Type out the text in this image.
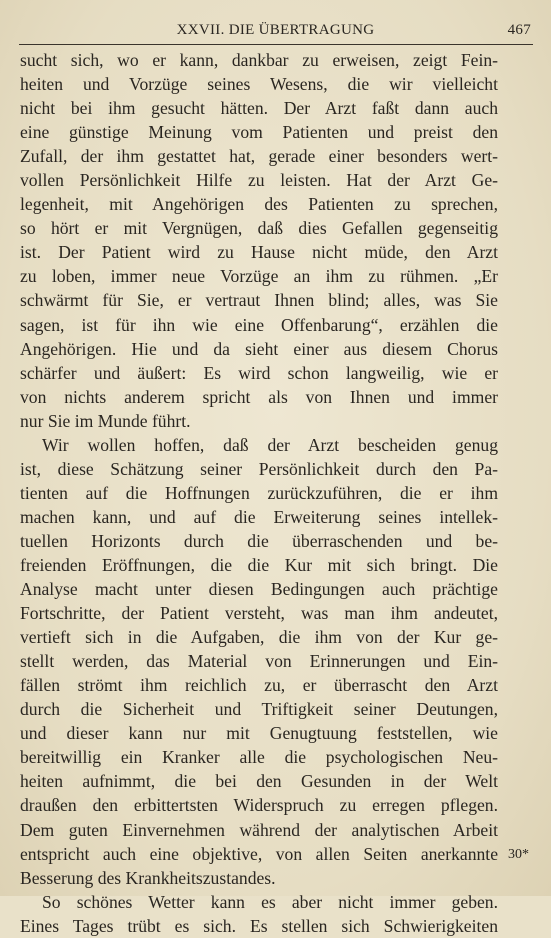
XXVII. DIE ÜBERTRAGUNG	467
sucht sich, wo er kann, dankbar zu erweisen, zeigt Fein-
heiten und Vorzüge seines Wesens, die wir vielleicht
nicht bei ihm gesucht hätten. Der Arzt faßt dann auch
eine günstige Meinung vom Patienten und preist den
Zufall, der ihm gestattet hat, gerade einer besonders wert-
vollen Persönlichkeit Hilfe zu leisten. Hat der Arzt Ge-
legenheit, mit Angehörigen des Patienten zu sprechen,
so hört er mit Vergnügen, daß dies Gefallen gegenseitig
ist. Der Patient wird zu Hause nicht müde, den Arzt
zu loben, immer neue Vorzüge an ihm zu rühmen. „Er
schwärmt für Sie, er vertraut Ihnen blind; alles, was Sie
sagen, ist für ihn wie eine Offenbarung“, erzählen die
Angehörigen. Hie und da sieht einer aus diesem Chorus
schärfer und äußert: Es wird schon langweilig, wie er
von nichts anderem spricht als von Ihnen und immer
nur Sie im Munde führt.
Wir wollen hoffen, daß der Arzt bescheiden genug
ist, diese Schätzung seiner Persönlichkeit durch den Pa-
tienten auf die Hoffnungen zurückzuführen, die er ihm
machen kann, und auf die Erweiterung seines intellek-
tuellen Horizonts durch die überraschenden und be-
freienden Eröffnungen, die die Kur mit sich bringt. Die
Analyse macht unter diesen Bedingungen auch prächtige
Fortschritte, der Patient versteht, was man ihm andeutet,
vertieft sich in die Aufgaben, die ihm von der Kur ge-
stellt werden, das Material von Erinnerungen und Ein-
fällen strömt ihm reichlich zu, er überrascht den Arzt
durch die Sicherheit und Triftigkeit seiner Deutungen,
und dieser kann nur mit Genugtuung feststellen, wie
bereitwillig ein Kranker alle die psychologischen Neu-
heiten aufnimmt, die bei den Gesunden in der Welt
draußen den erbittertsten Widerspruch zu erregen pflegen.
Dem guten Einvernehmen während der analytischen Arbeit
entspricht auch eine objektive, von allen Seiten anerkannte
Besserung des Krankheitszustandes.
So schönes Wetter kann es aber nicht immer geben.
Eines Tages trübt es sich. Es stellen sich Schwierigkeiten
30*
